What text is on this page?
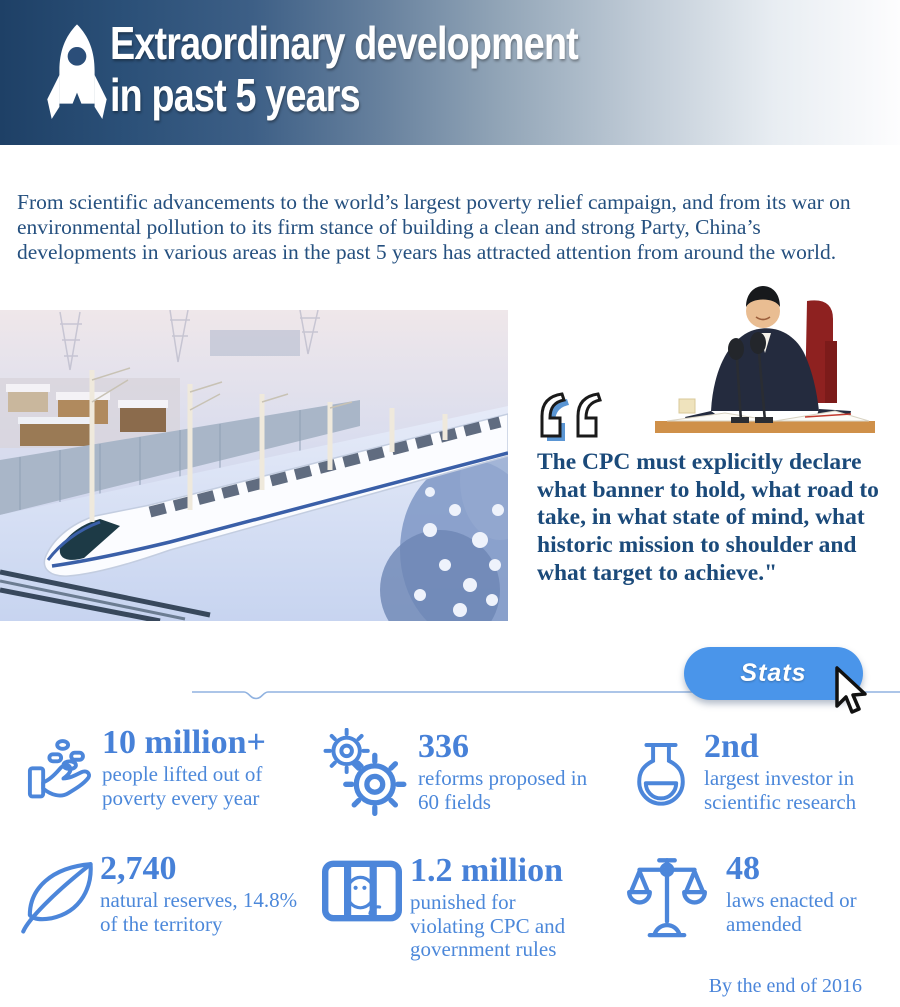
Extraordinary development
in past 5 years

From scientific advancements to the world’s largest poverty relief campaign, and from its war on environmental pollution to its firm stance of building a clean and strong Party, China’s developments in various areas in the past 5 years has attracted attention from around the world.

The CPC must explicitly declare what banner to hold, what road to take, in what state of mind, what historic mission to shoulder and what target to achieve."
Stats
10 million+
people lifted out of poverty every year
336
reforms proposed in 60 fields
2nd
largest investor in scientific research
2,740
natural reserves, 14.8% of the territory
1.2 million
punished for violating CPC and government rules
48
laws enacted or amended
By the end of 2016
